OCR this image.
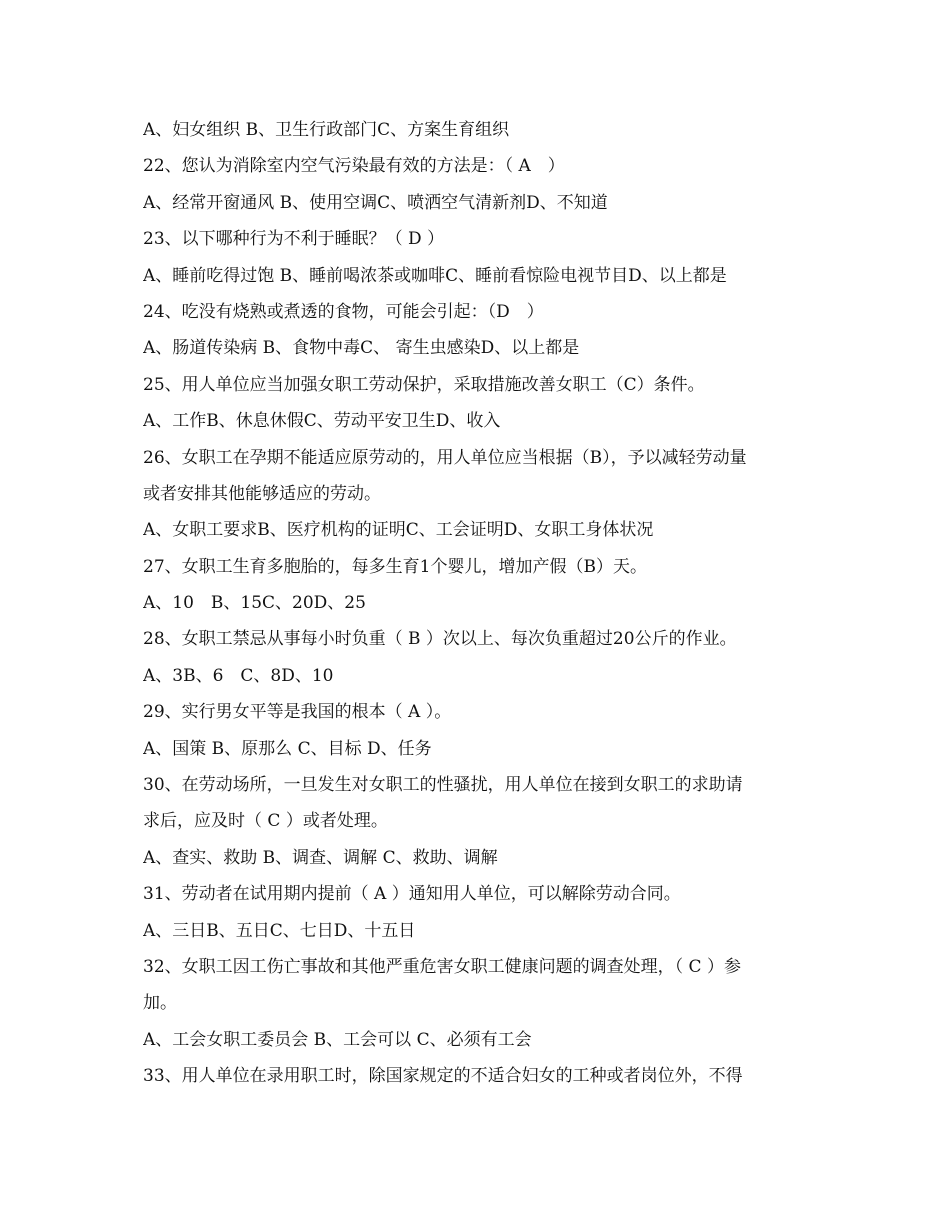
A、妇女组织 B、卫生行政部门C、方案生育组织
22、您认为消除室内空气污染最有效的方法是：（ A　）
A、经常开窗通风 B、使用空调C、喷洒空气清新剂D、不知道
23、以下哪种行为不利于睡眠？（ D ）
A、睡前吃得过饱 B、睡前喝浓茶或咖啡C、睡前看惊险电视节目D、以上都是
24、吃没有烧熟或煮透的食物，可能会引起：（D　）
A、肠道传染病 B、食物中毒C、 寄生虫感染D、以上都是
25、用人单位应当加强女职工劳动保护，采取措施改善女职工（C）条件。
A、工作B、休息休假C、劳动平安卫生D、收入
26、女职工在孕期不能适应原劳动的，用人单位应当根据（B），予以减轻劳动量
或者安排其他能够适应的劳动。
A、女职工要求B、医疗机构的证明C、工会证明D、女职工身体状况
27、女职工生育多胞胎的，每多生育1个婴儿，增加产假（B）天。
A、10　B、15C、20D、25
28、女职工禁忌从事每小时负重（ B ）次以上、每次负重超过20公斤的作业。
A、3B、6　C、8D、10
29、实行男女平等是我国的根本（ A ）。
A、国策 B、原那么 C、目标 D、任务
30、在劳动场所，一旦发生对女职工的性骚扰，用人单位在接到女职工的求助请
求后，应及时（ C ）或者处理。
A、查实、救助 B、调查、调解 C、救助、调解
31、劳动者在试用期内提前（ A ）通知用人单位，可以解除劳动合同。
A、三日B、五日C、七日D、十五日
32、女职工因工伤亡事故和其他严重危害女职工健康问题的调查处理，（ C ）参
加。
A、工会女职工委员会 B、工会可以 C、必须有工会
33、用人单位在录用职工时，除国家规定的不适合妇女的工种或者岗位外，不得
